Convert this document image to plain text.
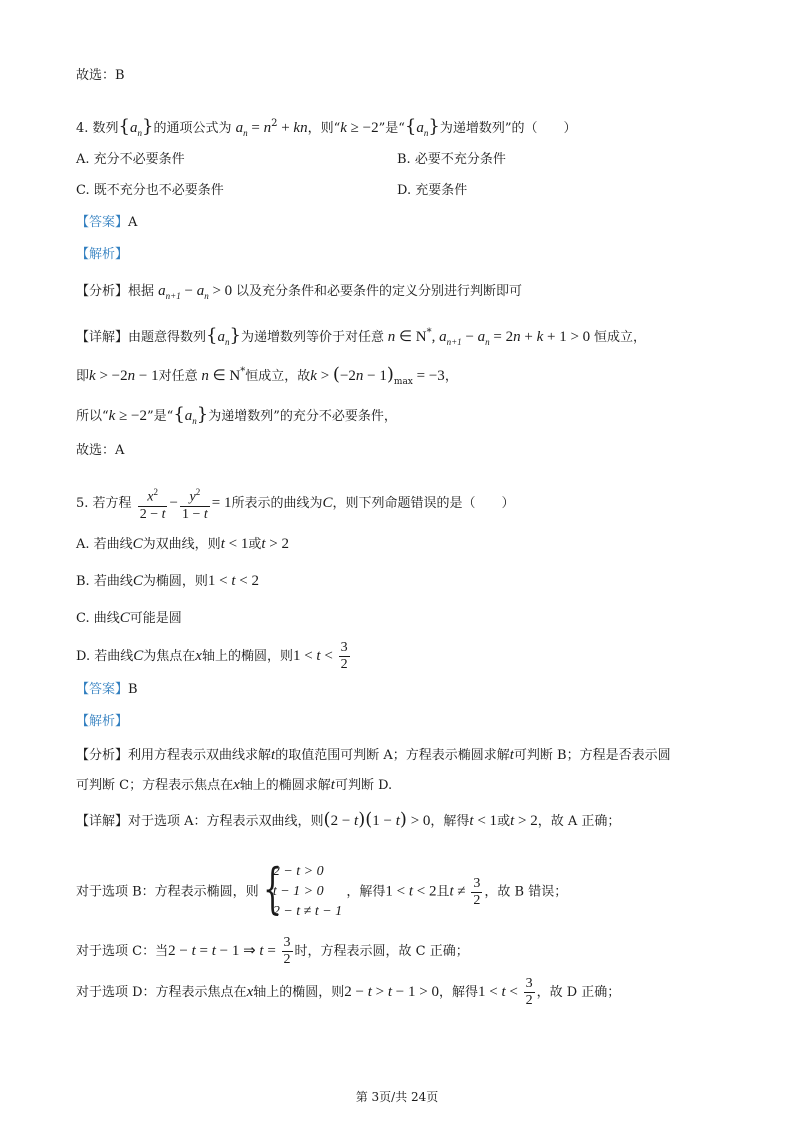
故选：B
4. 数列$\{a_n\}$的通项公式为 $a_n = n^2$ + kn，则“k ≥ −2”是“$\{a_n\}$为递增数列”的（　　）
A. 充分不必要条件	B. 必要不充分条件
C. 既不充分也不必要条件	D. 充要条件
【答案】A
【解析】
【分析】根据 $a_{n+1} - a_n > 0$ 以及充分条件和必要条件的定义分别进行判断即可
【详解】由题意得数列$\{a_n\}$为递增数列等价于对任意 n ∈ N*, $a_{n+1} - a_n = 2n + k + 1 > 0$ 恒成立，
即k > −2n − 1对任意 n ∈ N*恒成立，故$k > (-2n - 1)_{max} = -3$，
所以“k ≥ −2”是“$\{a_n\}$为递增数列”的充分不必要条件，
故选：A
5. 若方程 $\frac{x^2}{2 - t} - \frac{y^2}{1 - t} = 1$所表示的曲线为C，则下列命题错误的是（　　）
A. 若曲线C为双曲线，则t < 1或t > 2
B. 若曲线C为椭圆，则1 < t < 2
C. 曲线C可能是圆
D. 若曲线C为焦点在x轴上的椭圆，则$1 < t < \frac{3}{2}$
【答案】B
【解析】
【分析】利用方程表示双曲线求解t的取值范围可判断 A；方程表示椭圆求解t可判断 B；方程是否表示圆
可判断 C；方程表示焦点在x轴上的椭圆求解t可判断 D.
【详解】对于选项 A：方程表示双曲线，则(2 − t)(1 − t) > 0，解得t < 1或t > 2，故 A 正确；
对于选项 B：方程表示椭圆，则 {
2 − t > 0
t − 1 > 0
2 − t ≠ t − 1
，解得1 < t < 2且$t \ne \frac{3}{2}$ ，故 B 错误；
对于选项 C：当2 − t = t − 1 ⇒ $t = \frac{3}{2}$ 时，方程表示圆，故 C 正确；
对于选项 D：方程表示焦点在x轴上的椭圆，则2 − t > t − 1 > 0，解得$1 < t < \frac{3}{2}$ ，故 D 正确；
第 3页/共 24页
